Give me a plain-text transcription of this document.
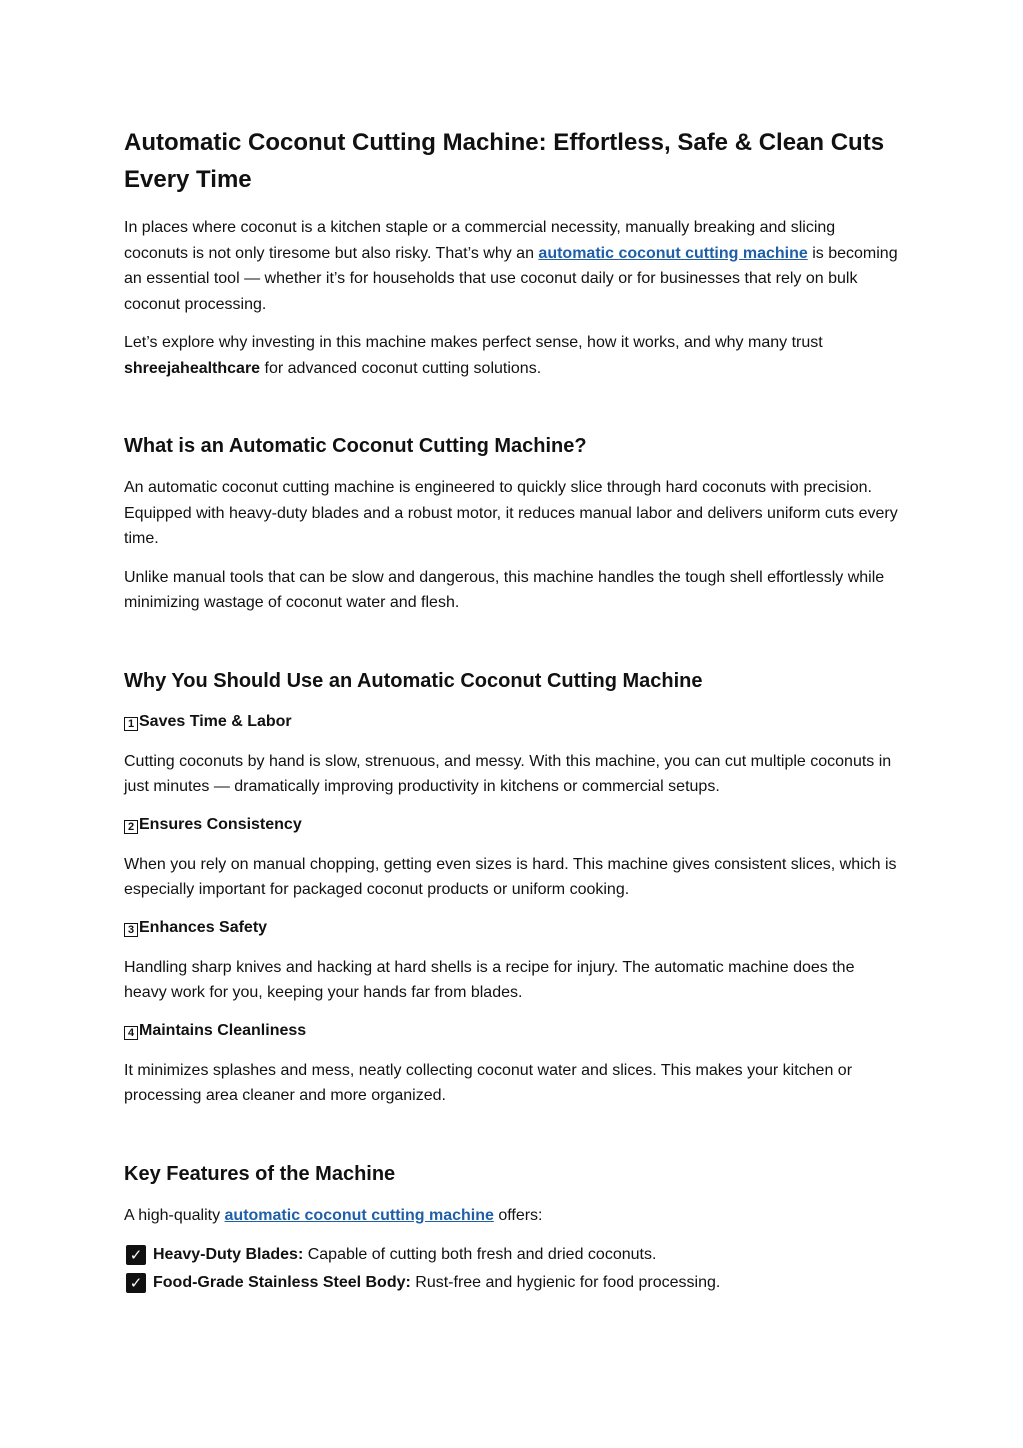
Automatic Coconut Cutting Machine: Effortless, Safe & Clean Cuts Every Time

In places where coconut is a kitchen staple or a commercial necessity, manually breaking and slicing coconuts is not only tiresome but also risky. That’s why an automatic coconut cutting machine is becoming an essential tool — whether it’s for households that use coconut daily or for businesses that rely on bulk coconut processing.

Let’s explore why investing in this machine makes perfect sense, how it works, and why many trust shreejahealthcare for advanced coconut cutting solutions.

What is an Automatic Coconut Cutting Machine?

An automatic coconut cutting machine is engineered to quickly slice through hard coconuts with precision. Equipped with heavy-duty blades and a robust motor, it reduces manual labor and delivers uniform cuts every time.

Unlike manual tools that can be slow and dangerous, this machine handles the tough shell effortlessly while minimizing wastage of coconut water and flesh.

Why You Should Use an Automatic Coconut Cutting Machine
1 Saves Time & Labor

Cutting coconuts by hand is slow, strenuous, and messy. With this machine, you can cut multiple coconuts in just minutes — dramatically improving productivity in kitchens or commercial setups.

2 Ensures Consistency

When you rely on manual chopping, getting even sizes is hard. This machine gives consistent slices, which is especially important for packaged coconut products or uniform cooking.

3 Enhances Safety

Handling sharp knives and hacking at hard shells is a recipe for injury. The automatic machine does the heavy work for you, keeping your hands far from blades.

4 Maintains Cleanliness

It minimizes splashes and mess, neatly collecting coconut water and slices. This makes your kitchen or processing area cleaner and more organized.

Key Features of the Machine

A high-quality automatic coconut cutting machine offers:

✓ Heavy-Duty Blades: Capable of cutting both fresh and dried coconuts.
✓ Food-Grade Stainless Steel Body: Rust-free and hygienic for food processing.
